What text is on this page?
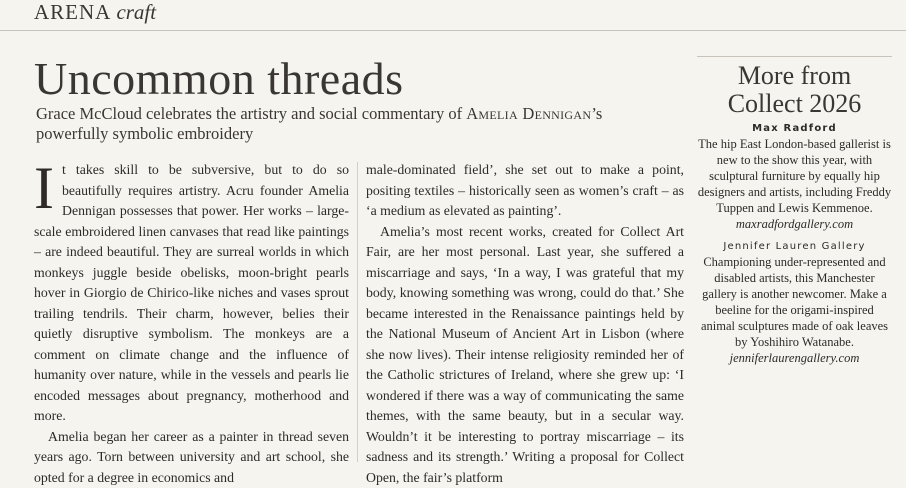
ARENA craft
Uncommon threads
Grace McCloud celebrates the artistry and social commentary of Amelia Dennigan’s powerfully symbolic embroidery

It takes skill to be subversive, but to do so beautifully requires artistry. Acru founder Amelia Dennigan possesses that power. Her works – large-scale embroidered linen canvases that read like paintings – are indeed beautiful. They are surreal worlds in which monkeys juggle beside obelisks, moon-bright pearls hover in Giorgio de Chirico-like niches and vases sprout trailing tendrils. Their charm, however, belies their quietly disruptive symbolism. The monkeys are a comment on climate change and the influence of humanity over nature, while in the vessels and pearls lie encoded messages about pregnancy, motherhood and more.

Amelia began her career as a painter in thread seven years ago. Torn between university and art school, she opted for a degree in economics and

male-dominated field’, she set out to make a point, positing textiles – historically seen as women’s craft – as ‘a medium as elevated as painting’.

Amelia’s most recent works, created for Collect Art Fair, are her most personal. Last year, she suffered a miscarriage and says, ‘In a way, I was grateful that my body, knowing something was wrong, could do that.’ She became interested in the Renaissance paintings held by the National Museum of Ancient Art in Lisbon (where she now lives). Their intense religiosity reminded her of the Catholic strictures of Ireland, where she grew up: ‘I wondered if there was a way of communicating the same themes, with the same beauty, but in a secular way. Wouldn’t it be interesting to portray miscarriage – its sadness and its strength.’ Writing a proposal for Collect Open, the fair’s platform

More from
Collect 2026
Max Radford
The hip East London-based gallerist is new to the show this year, with sculptural furniture by equally hip designers and artists, including Freddy Tuppen and Lewis Kemmenoe.
maxradfordgallery.com
Jennifer Lauren Gallery
Championing under-represented and disabled artists, this Manchester gallery is another newcomer. Make a beeline for the origami-inspired animal sculptures made of oak leaves by Yoshihiro Watanabe.
jenniferlaurengallery.com
